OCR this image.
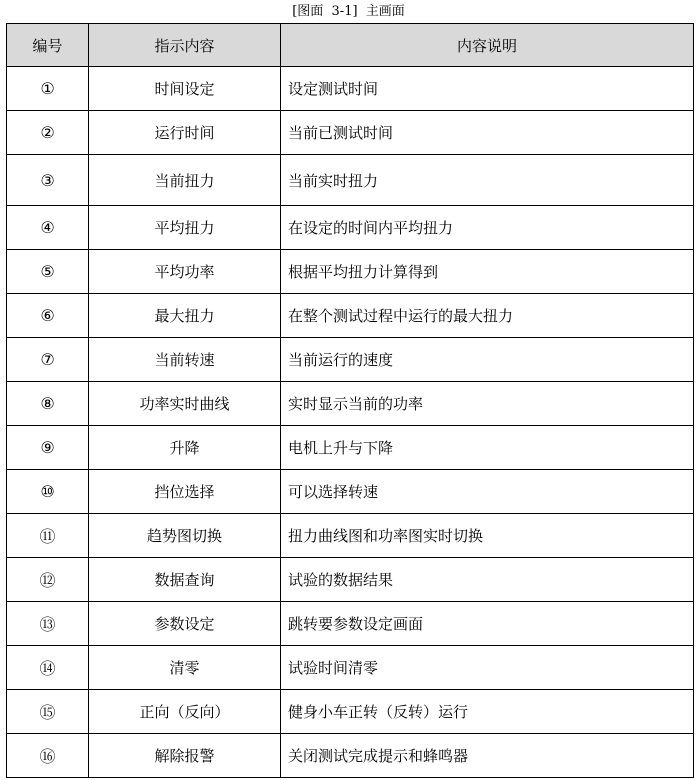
[图面  3-1]  主画面
编号	指示内容	内容说明
①	时间设定	设定测试时间
②	运行时间	当前已测试时间
③	当前扭力	当前实时扭力
④	平均扭力	在设定的时间内平均扭力
⑤	平均功率	根据平均扭力计算得到
⑥	最大扭力	在整个测试过程中运行的最大扭力
⑦	当前转速	当前运行的速度
⑧	功率实时曲线	实时显示当前的功率
⑨	升降	电机上升与下降
⑩	挡位选择	可以选择转速
⑪	趋势图切换	扭力曲线图和功率图实时切换
⑫	数据查询	试验的数据结果
⑬	参数设定	跳转要参数设定画面
⑭	清零	试验时间清零
⑮	正向（反向）	健身小车正转（反转）运行
⑯	解除报警	关闭测试完成提示和蜂鸣器
